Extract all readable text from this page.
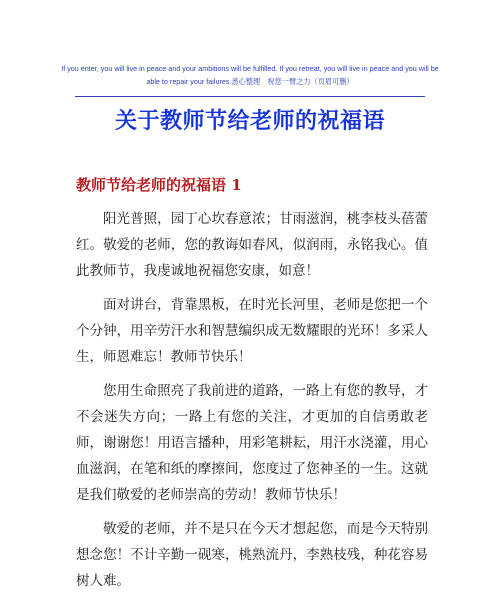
If you enter, you will live in peace and your ambitions will be fulfilled. If you retreat, you will live in peace and you will be able to repair your failures.悉心整理　祝您一臂之力（页眉可删）
关于教师节给老师的祝福语
教师节给老师的祝福语 1

阳光普照，园丁心坎春意浓；甘雨滋润，桃李枝头蓓蕾红。敬爱的老师，您的教诲如春风，似润雨，永铭我心。值此教师节，我虔诚地祝福您安康，如意！

面对讲台，背靠黑板，在时光长河里，老师是您把一个个分钟，用辛劳汗水和智慧编织成无数耀眼的光环！多采人生，师恩难忘！教师节快乐！

您用生命照亮了我前进的道路，一路上有您的教导，才不会迷失方向；一路上有您的关注，才更加的自信勇敢老师，谢谢您！用语言播种，用彩笔耕耘，用汗水浇灌，用心血滋润，在笔和纸的摩擦间，您度过了您神圣的一生。这就是我们敬爱的老师崇高的劳动！教师节快乐！

敬爱的老师，并不是只在今天才想起您，而是今天特别想念您！不计辛勤一砚寒，桃熟流丹，李熟枝残，种花容易树人难。
